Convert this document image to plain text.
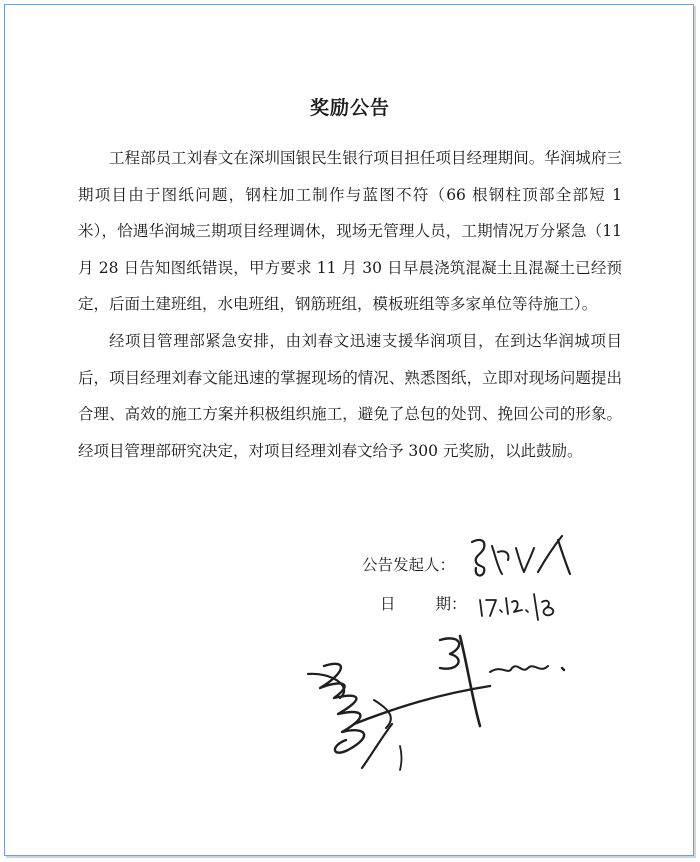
奖励公告

工程部员工刘春文在深圳国银民生银行项目担任项目经理期间。华润城府三期项目由于图纸问题，钢柱加工制作与蓝图不符（66 根钢柱顶部全部短 1 米），恰遇华润城三期项目经理调休，现场无管理人员，工期情况万分紧急（11 月 28 日告知图纸错误，甲方要求 11 月 30 日早晨浇筑混凝土且混凝土已经预定，后面土建班组，水电班组，钢筋班组，模板班组等多家单位等待施工）。

经项目管理部紧急安排，由刘春文迅速支援华润项目，在到达华润城项目后，项目经理刘春文能迅速的掌握现场的情况、熟悉图纸，立即对现场问题提出合理、高效的施工方案并积极组织施工，避免了总包的处罚、挽回公司的形象。经项目管理部研究决定，对项目经理刘春文给予 300 元奖励，以此鼓励。

公告发起人：
日	期：
